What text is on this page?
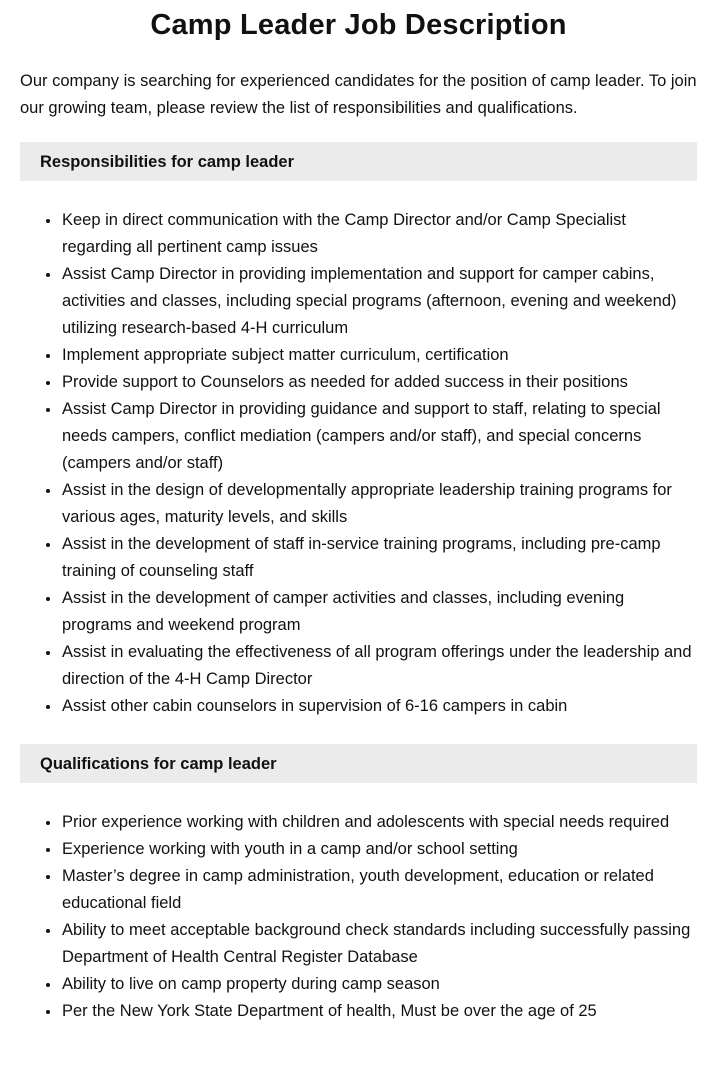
Camp Leader Job Description

Our company is searching for experienced candidates for the position of camp leader. To join our growing team, please review the list of responsibilities and qualifications.

Responsibilities for camp leader
• Keep in direct communication with the Camp Director and/or Camp Specialist regarding all pertinent camp issues
• Assist Camp Director in providing implementation and support for camper cabins, activities and classes, including special programs (afternoon, evening and weekend) utilizing research-based 4-H curriculum
• Implement appropriate subject matter curriculum, certification
• Provide support to Counselors as needed for added success in their positions
• Assist Camp Director in providing guidance and support to staff, relating to special needs campers, conflict mediation (campers and/or staff), and special concerns (campers and/or staff)
• Assist in the design of developmentally appropriate leadership training programs for various ages, maturity levels, and skills
• Assist in the development of staff in-service training programs, including pre-camp training of counseling staff
• Assist in the development of camper activities and classes, including evening programs and weekend program
• Assist in evaluating the effectiveness of all program offerings under the leadership and direction of the 4-H Camp Director
• Assist other cabin counselors in supervision of 6-16 campers in cabin
Qualifications for camp leader
• Prior experience working with children and adolescents with special needs required
• Experience working with youth in a camp and/or school setting
• Master’s degree in camp administration, youth development, education or related educational field
• Ability to meet acceptable background check standards including successfully passing Department of Health Central Register Database
• Ability to live on camp property during camp season
• Per the New York State Department of health, Must be over the age of 25
